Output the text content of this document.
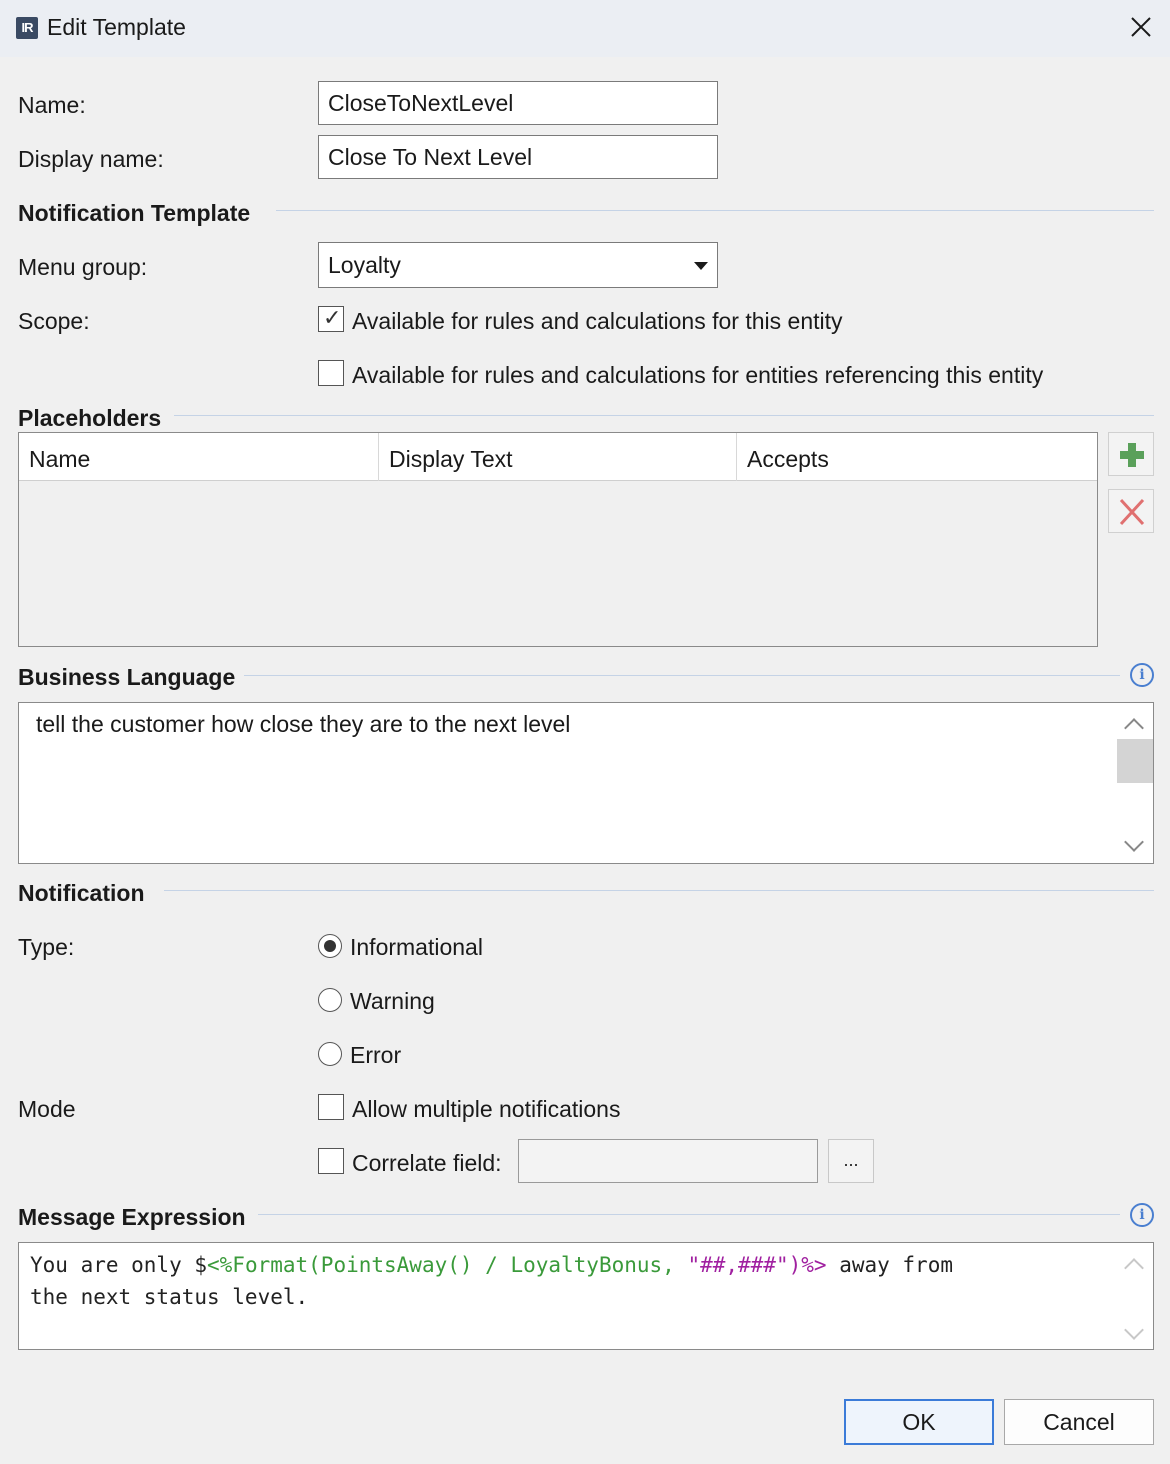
IR Edit Template
Name:	CloseToNextLevel
Display name:	Close To Next Level
Notification Template
Menu group:	Loyalty
Scope:
✓	Available for rules and calculations for this entity
Available for rules and calculations for entities referencing this entity
Placeholders
Name	Display Text	Accepts
Business Language	i
tell the customer how close they are to the next level
Notification
Type:	Informational
Warning
Error
Mode	Allow multiple notifications
Correlate field:	...
Message Expression	i
You are only $<%Format(PointsAway() / LoyaltyBonus, "##,###")%> away from
the next status level.
OK	Cancel
